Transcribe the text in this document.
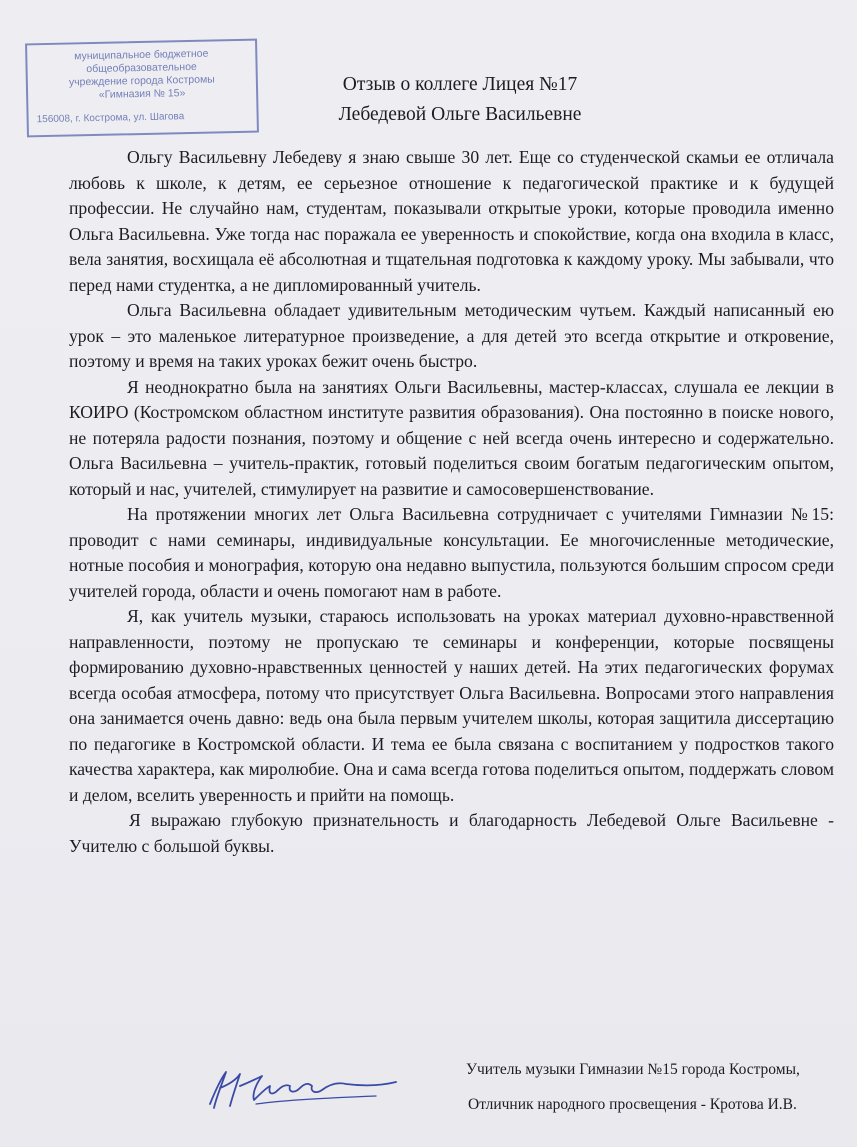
муниципальное бюджетное
общеобразовательное
учреждение города Костромы
«Гимназия № 15»
156008, г. Кострома, ул. Шагова
Отзыв о коллеге Лицея №17
Лебедевой Ольге Васильевне

Ольгу Васильевну Лебедеву я знаю свыше 30 лет. Еще со студенческой скамьи ее отличала любовь к школе, к детям, ее серьезное отношение к педагогической практике и к будущей профессии. Не случайно нам, студентам, показывали открытые уроки, которые проводила именно Ольга Васильевна. Уже тогда нас поражала ее уверенность и спокойствие, когда она входила в класс, вела занятия, восхищала её абсолютная и тщательная подготовка к каждому уроку. Мы забывали, что перед нами студентка, а не дипломированный учитель.

Ольга Васильевна обладает удивительным методическим чутьем. Каждый написанный ею урок – это маленькое литературное произведение, а для детей это всегда открытие и откровение, поэтому и время на таких уроках бежит очень быстро.

Я неоднократно была на занятиях Ольги Васильевны, мастер-классах, слушала ее лекции в КОИРО (Костромском областном институте развития образования). Она постоянно в поиске нового, не потеряла радости познания, поэтому и общение с ней всегда очень интересно и содержательно. Ольга Васильевна – учитель-практик, готовый поделиться своим богатым педагогическим опытом, который и нас, учителей, стимулирует на развитие и самосовершенствование.

На протяжении многих лет Ольга Васильевна сотрудничает с учителями Гимназии №15: проводит с нами семинары, индивидуальные консультации. Ее многочисленные методические, нотные пособия и монография, которую она недавно выпустила, пользуются большим спросом среди учителей города, области и очень помогают нам в работе.

Я, как учитель музыки, стараюсь использовать на уроках материал духовно-нравственной направленности, поэтому не пропускаю те семинары и конференции, которые посвящены формированию духовно-нравственных ценностей у наших детей. На этих педагогических форумах всегда особая атмосфера, потому что присутствует Ольга Васильевна. Вопросами этого направления она занимается очень давно: ведь она была первым учителем школы, которая защитила диссертацию по педагогике в Костромской области. И тема ее была связана с воспитанием у подростков такого качества характера, как миролюбие. Она и сама всегда готова поделиться опытом, поддержать словом и делом, вселить уверенность и прийти на помощь.

Я выражаю глубокую признательность и благодарность Лебедевой Ольге Васильевне - Учителю с большой буквы.

Учитель музыки Гимназии №15 города Костромы,
Отличник народного просвещения - Кротова И.В.
